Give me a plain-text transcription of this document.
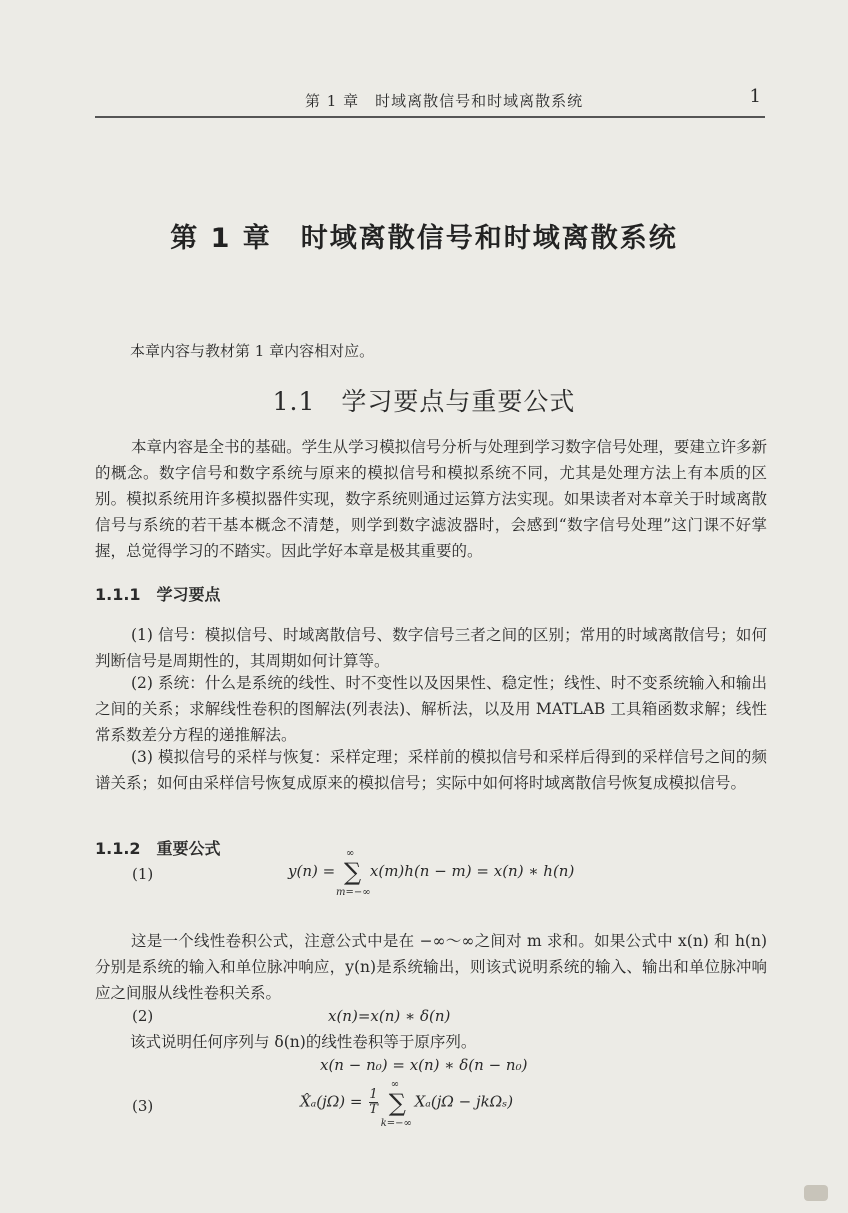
第 1 章　时域离散信号和时域离散系统	1
第 1 章　时域离散信号和时域离散系统
本章内容与教材第 1 章内容相对应。
1.1　学习要点与重要公式

本章内容是全书的基础。学生从学习模拟信号分析与处理到学习数字信号处理，要建立许多新的概念。数字信号和数字系统与原来的模拟信号和模拟系统不同，尤其是处理方法上有本质的区别。模拟系统用许多模拟器件实现，数字系统则通过运算方法实现。如果读者对本章关于时域离散信号与系统的若干基本概念不清楚，则学到数字滤波器时，会感到“数字信号处理”这门课不好掌握，总觉得学习的不踏实。因此学好本章是极其重要的。

1.1.1　学习要点

(1) 信号：模拟信号、时域离散信号、数字信号三者之间的区别；常用的时域离散信号；如何判断信号是周期性的，其周期如何计算等。

(2) 系统：什么是系统的线性、时不变性以及因果性、稳定性；线性、时不变系统输入和输出之间的关系；求解线性卷积的图解法(列表法)、解析法，以及用 MATLAB 工具箱函数求解；线性常系数差分方程的递推解法。

(3) 模拟信号的采样与恢复：采样定理；采样前的模拟信号和采样后得到的采样信号之间的频谱关系；如何由采样信号恢复成原来的模拟信号；实际中如何将时域离散信号恢复成模拟信号。

1.1.2　重要公式
(1)	y(n) = ∑
∞
m=−∞
x(m)h(n − m) = x(n) ∗ h(n)

这是一个线性卷积公式，注意公式中是在 −∞～∞之间对 m 求和。如果公式中 x(n) 和 h(n)分别是系统的输入和单位脉冲响应，y(n)是系统输出，则该式说明系统的输入、输出和单位脉冲响应之间服从线性卷积关系。

(2)	x(n)=x(n) ∗ δ(n)
该式说明任何序列与 δ(n)的线性卷积等于原序列。
x(n − n₀) = x(n) ∗ δ(n − n₀)
(3)	X̂ₐ(jΩ) = $\frac{1}{T}$ ∑
∞
k=−∞
Xₐ(jΩ − jkΩₛ)
